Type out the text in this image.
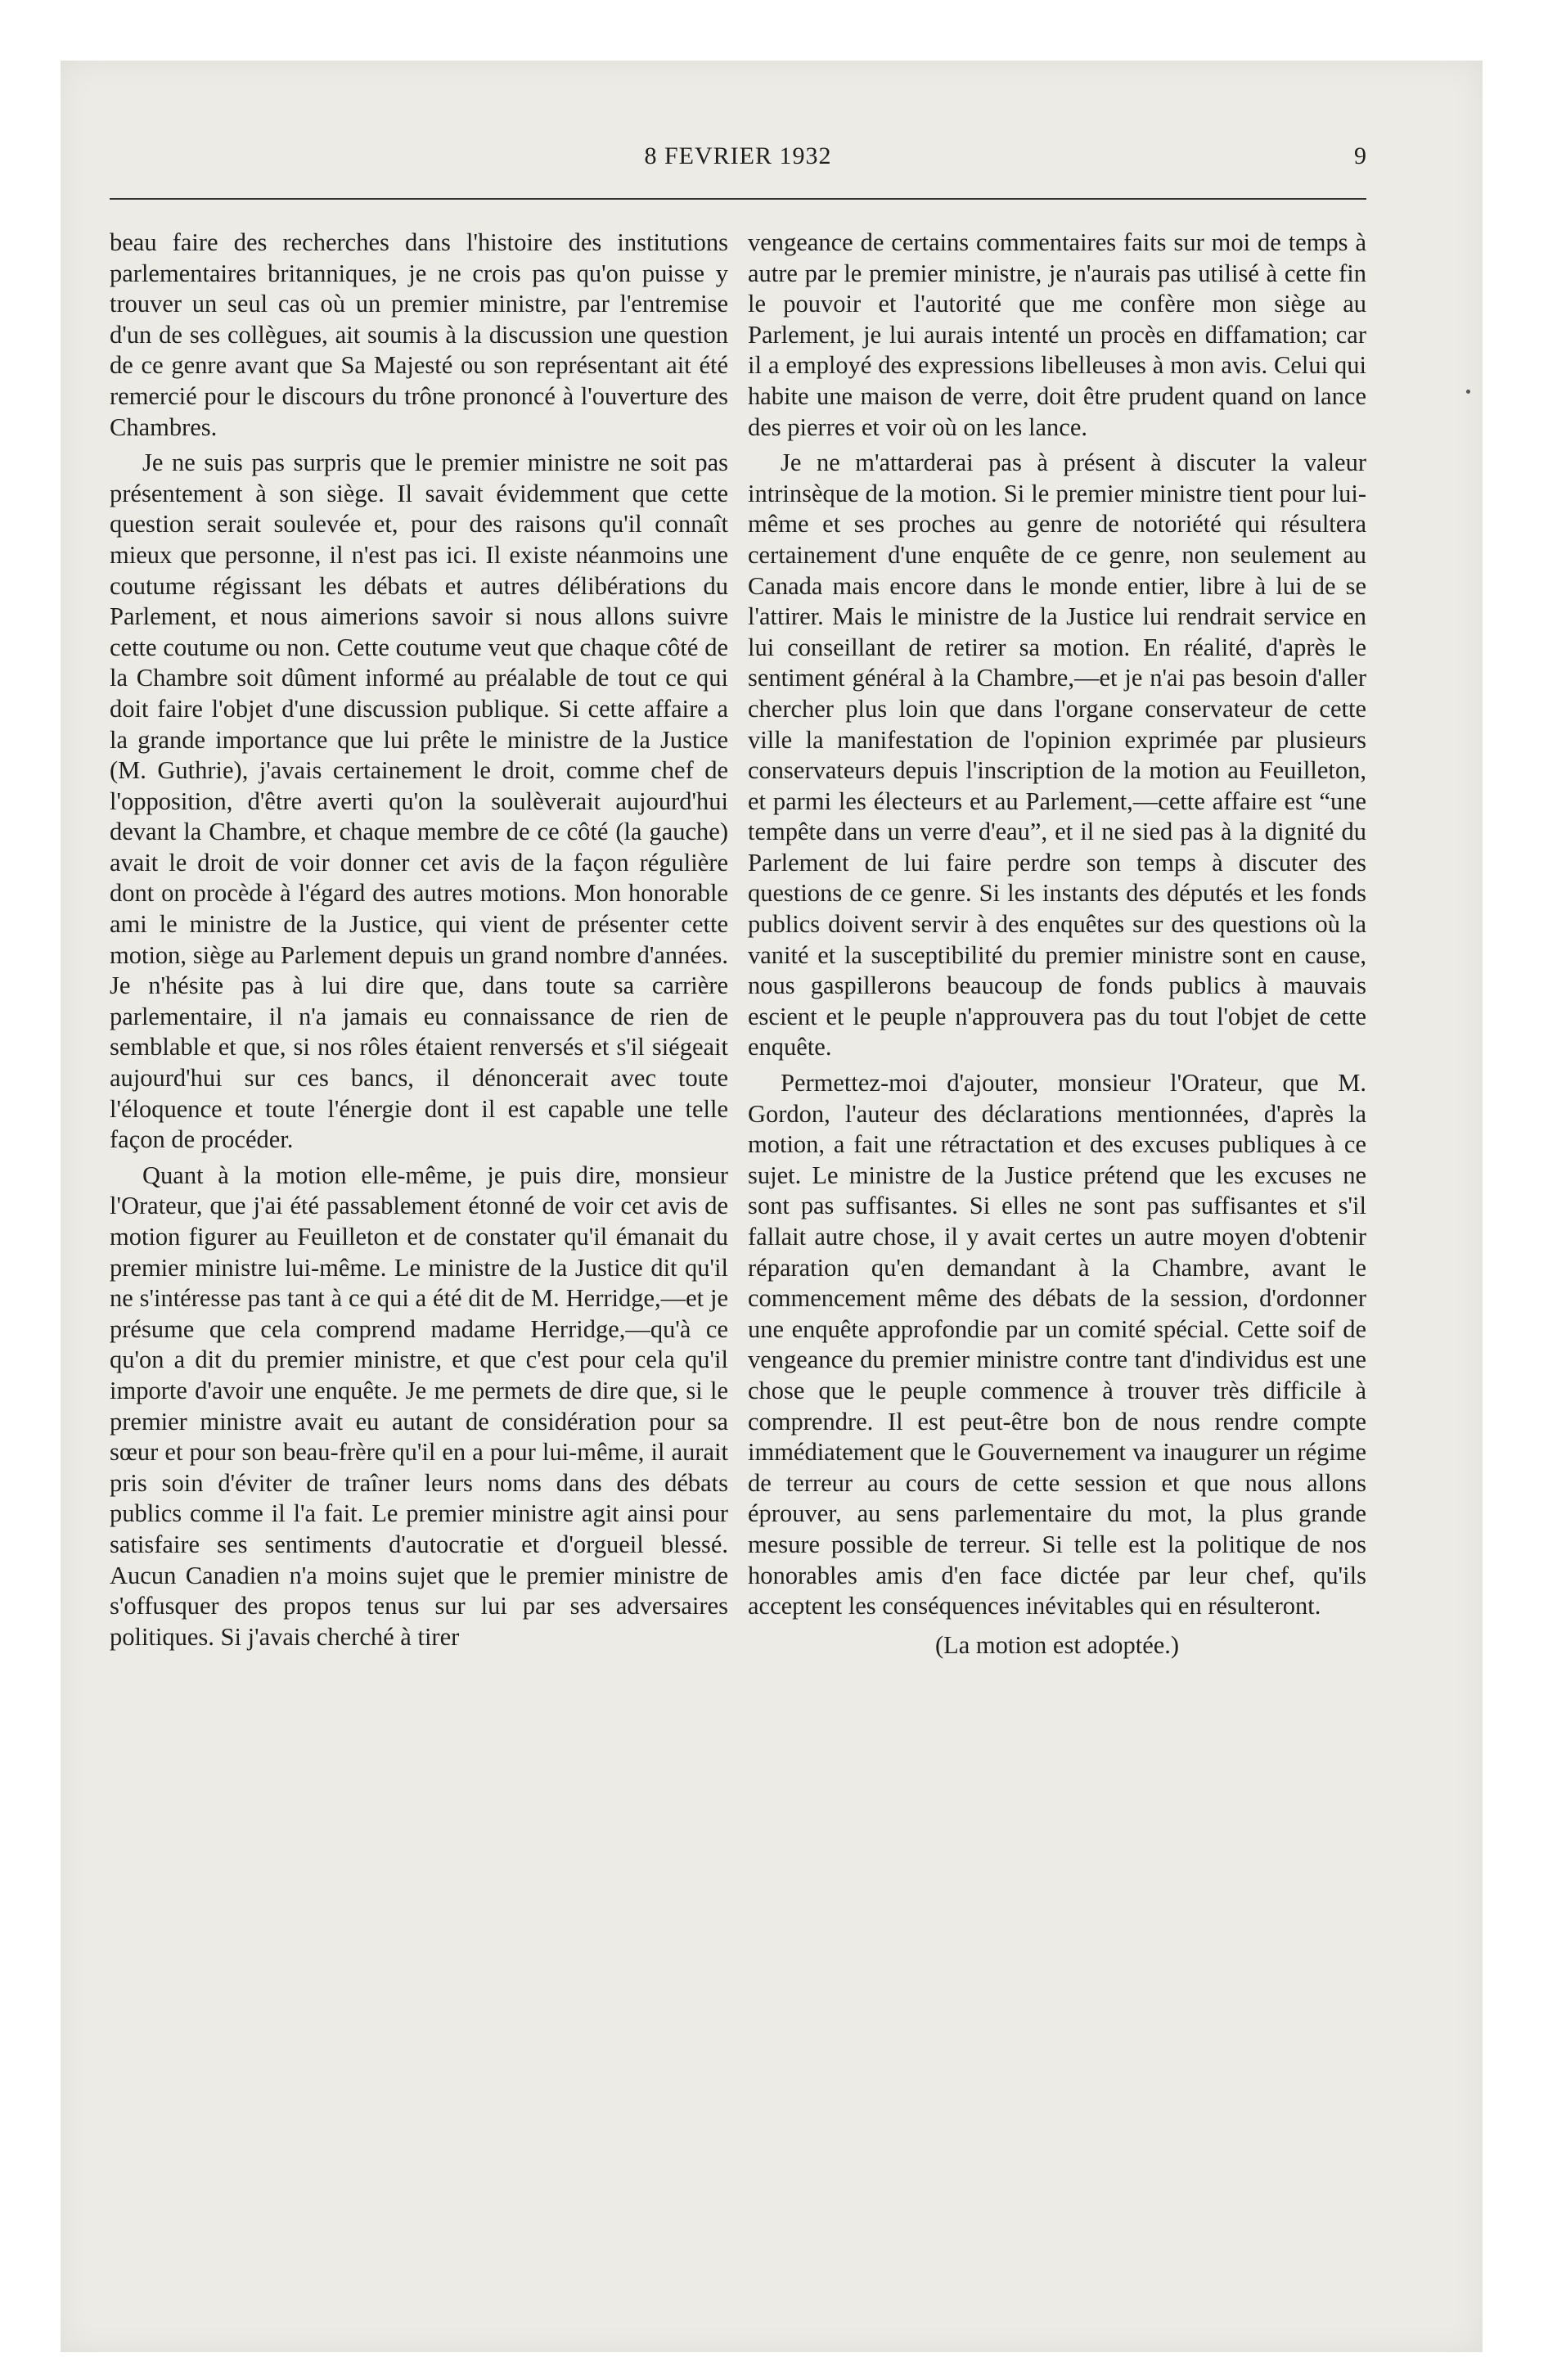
8 FEVRIER 1932	9

beau faire des recherches dans l'histoire des institutions parlementaires britanniques, je ne crois pas qu'on puisse y trouver un seul cas où un premier ministre, par l'entremise d'un de ses collègues, ait soumis à la discussion une question de ce genre avant que Sa Majesté ou son représentant ait été remercié pour le discours du trône prononcé à l'ouverture des Chambres.

Je ne suis pas surpris que le premier ministre ne soit pas présentement à son siège. Il savait évidemment que cette question serait soulevée et, pour des raisons qu'il connaît mieux que personne, il n'est pas ici. Il existe néanmoins une coutume régissant les débats et autres délibérations du Parlement, et nous aimerions savoir si nous allons suivre cette coutume ou non. Cette coutume veut que chaque côté de la Chambre soit dûment informé au préalable de tout ce qui doit faire l'objet d'une discussion publique. Si cette affaire a la grande importance que lui prête le ministre de la Justice (M. Guthrie), j'avais certainement le droit, comme chef de l'opposition, d'être averti qu'on la soulèverait aujourd'hui devant la Chambre, et chaque membre de ce côté (la gauche) avait le droit de voir donner cet avis de la façon régulière dont on procède à l'égard des autres motions. Mon honorable ami le ministre de la Justice, qui vient de présenter cette motion, siège au Parlement depuis un grand nombre d'années. Je n'hésite pas à lui dire que, dans toute sa carrière parlementaire, il n'a jamais eu connaissance de rien de semblable et que, si nos rôles étaient renversés et s'il siégeait aujourd'hui sur ces bancs, il dénoncerait avec toute l'éloquence et toute l'énergie dont il est capable une telle façon de procéder.

Quant à la motion elle-même, je puis dire, monsieur l'Orateur, que j'ai été passablement étonné de voir cet avis de motion figurer au Feuilleton et de constater qu'il émanait du premier ministre lui-même. Le ministre de la Justice dit qu'il ne s'intéresse pas tant à ce qui a été dit de M. Herridge,—et je présume que cela comprend madame Herridge,—qu'à ce qu'on a dit du premier ministre, et que c'est pour cela qu'il importe d'avoir une enquête. Je me permets de dire que, si le premier ministre avait eu autant de considération pour sa sœur et pour son beau-frère qu'il en a pour lui-même, il aurait pris soin d'éviter de traîner leurs noms dans des débats publics comme il l'a fait. Le premier ministre agit ainsi pour satisfaire ses sentiments d'autocratie et d'orgueil blessé. Aucun Canadien n'a moins sujet que le premier ministre de s'offusquer des propos tenus sur lui par ses adversaires politiques. Si j'avais cherché à tirer

vengeance de certains commentaires faits sur moi de temps à autre par le premier ministre, je n'aurais pas utilisé à cette fin le pouvoir et l'autorité que me confère mon siège au Parlement, je lui aurais intenté un procès en diffamation; car il a employé des expressions libelleuses à mon avis. Celui qui habite une maison de verre, doit être prudent quand on lance des pierres et voir où on les lance.

Je ne m'attarderai pas à présent à discuter la valeur intrinsèque de la motion. Si le premier ministre tient pour lui-même et ses proches au genre de notoriété qui résultera certainement d'une enquête de ce genre, non seulement au Canada mais encore dans le monde entier, libre à lui de se l'attirer. Mais le ministre de la Justice lui rendrait service en lui conseillant de retirer sa motion. En réalité, d'après le sentiment général à la Chambre,—et je n'ai pas besoin d'aller chercher plus loin que dans l'organe conservateur de cette ville la manifestation de l'opinion exprimée par plusieurs conservateurs depuis l'inscription de la motion au Feuilleton, et parmi les électeurs et au Parlement,—cette affaire est “une tempête dans un verre d'eau”, et il ne sied pas à la dignité du Parlement de lui faire perdre son temps à discuter des questions de ce genre. Si les instants des députés et les fonds publics doivent servir à des enquêtes sur des questions où la vanité et la susceptibilité du premier ministre sont en cause, nous gaspillerons beaucoup de fonds publics à mauvais escient et le peuple n'approuvera pas du tout l'objet de cette enquête.

Permettez-moi d'ajouter, monsieur l'Orateur, que M. Gordon, l'auteur des déclarations mentionnées, d'après la motion, a fait une rétractation et des excuses publiques à ce sujet. Le ministre de la Justice prétend que les excuses ne sont pas suffisantes. Si elles ne sont pas suffisantes et s'il fallait autre chose, il y avait certes un autre moyen d'obtenir réparation qu'en demandant à la Chambre, avant le commencement même des débats de la session, d'ordonner une enquête approfondie par un comité spécial. Cette soif de vengeance du premier ministre contre tant d'individus est une chose que le peuple commence à trouver très difficile à comprendre. Il est peut-être bon de nous rendre compte immédiatement que le Gouvernement va inaugurer un régime de terreur au cours de cette session et que nous allons éprouver, au sens parlementaire du mot, la plus grande mesure possible de terreur. Si telle est la politique de nos honorables amis d'en face dictée par leur chef, qu'ils acceptent les conséquences inévitables qui en résulteront.

(La motion est adoptée.)
